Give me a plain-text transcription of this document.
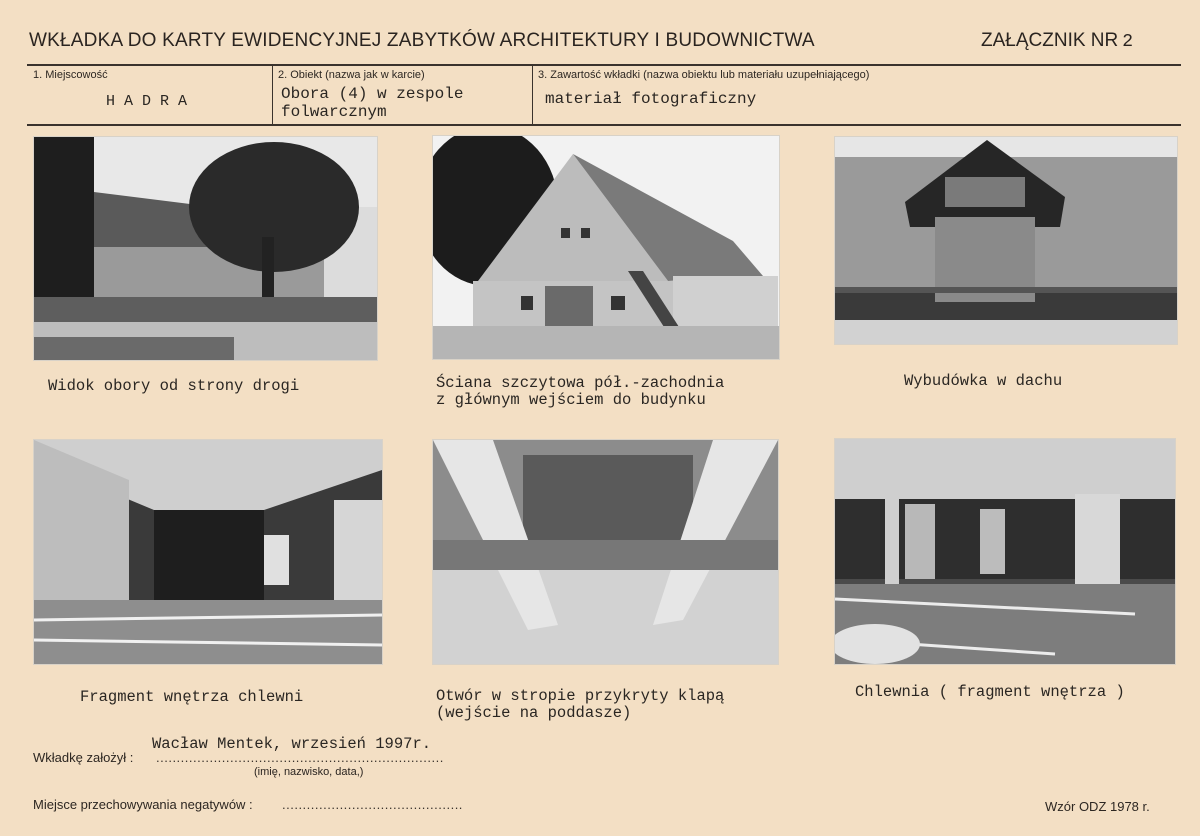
WKŁADKA DO KARTY EWIDENCYJNEJ ZABYTKÓW ARCHITEKTURY I BUDOWNICTWA	ZAŁĄCZNIK NR 2
1. Miejscowość
H A D R A
2. Obiekt (nazwa jak w karcie)
Obora (4) w zespole
folwarcznym
3. Zawartość wkładki (nazwa obiektu lub materiału uzupełniającego)
materiał fotograficzny
Widok obory od strony drogi	Ściana szczytowa pół.-zachodnia
z głównym wejściem do budynku
Wybudówka w dachu
Fragment wnętrza chlewni	Otwór w stropie przykryty klapą
(wejście na poddasze)
Chlewnia ( fragment wnętrza )
Wacław Mentek, wrzesień 1997r.
Wkładkę założył : ......................................................................
(imię, nazwisko, data,)
Miejsce przechowywania negatywów : ............................................	Wzór ODZ 1978 r.
